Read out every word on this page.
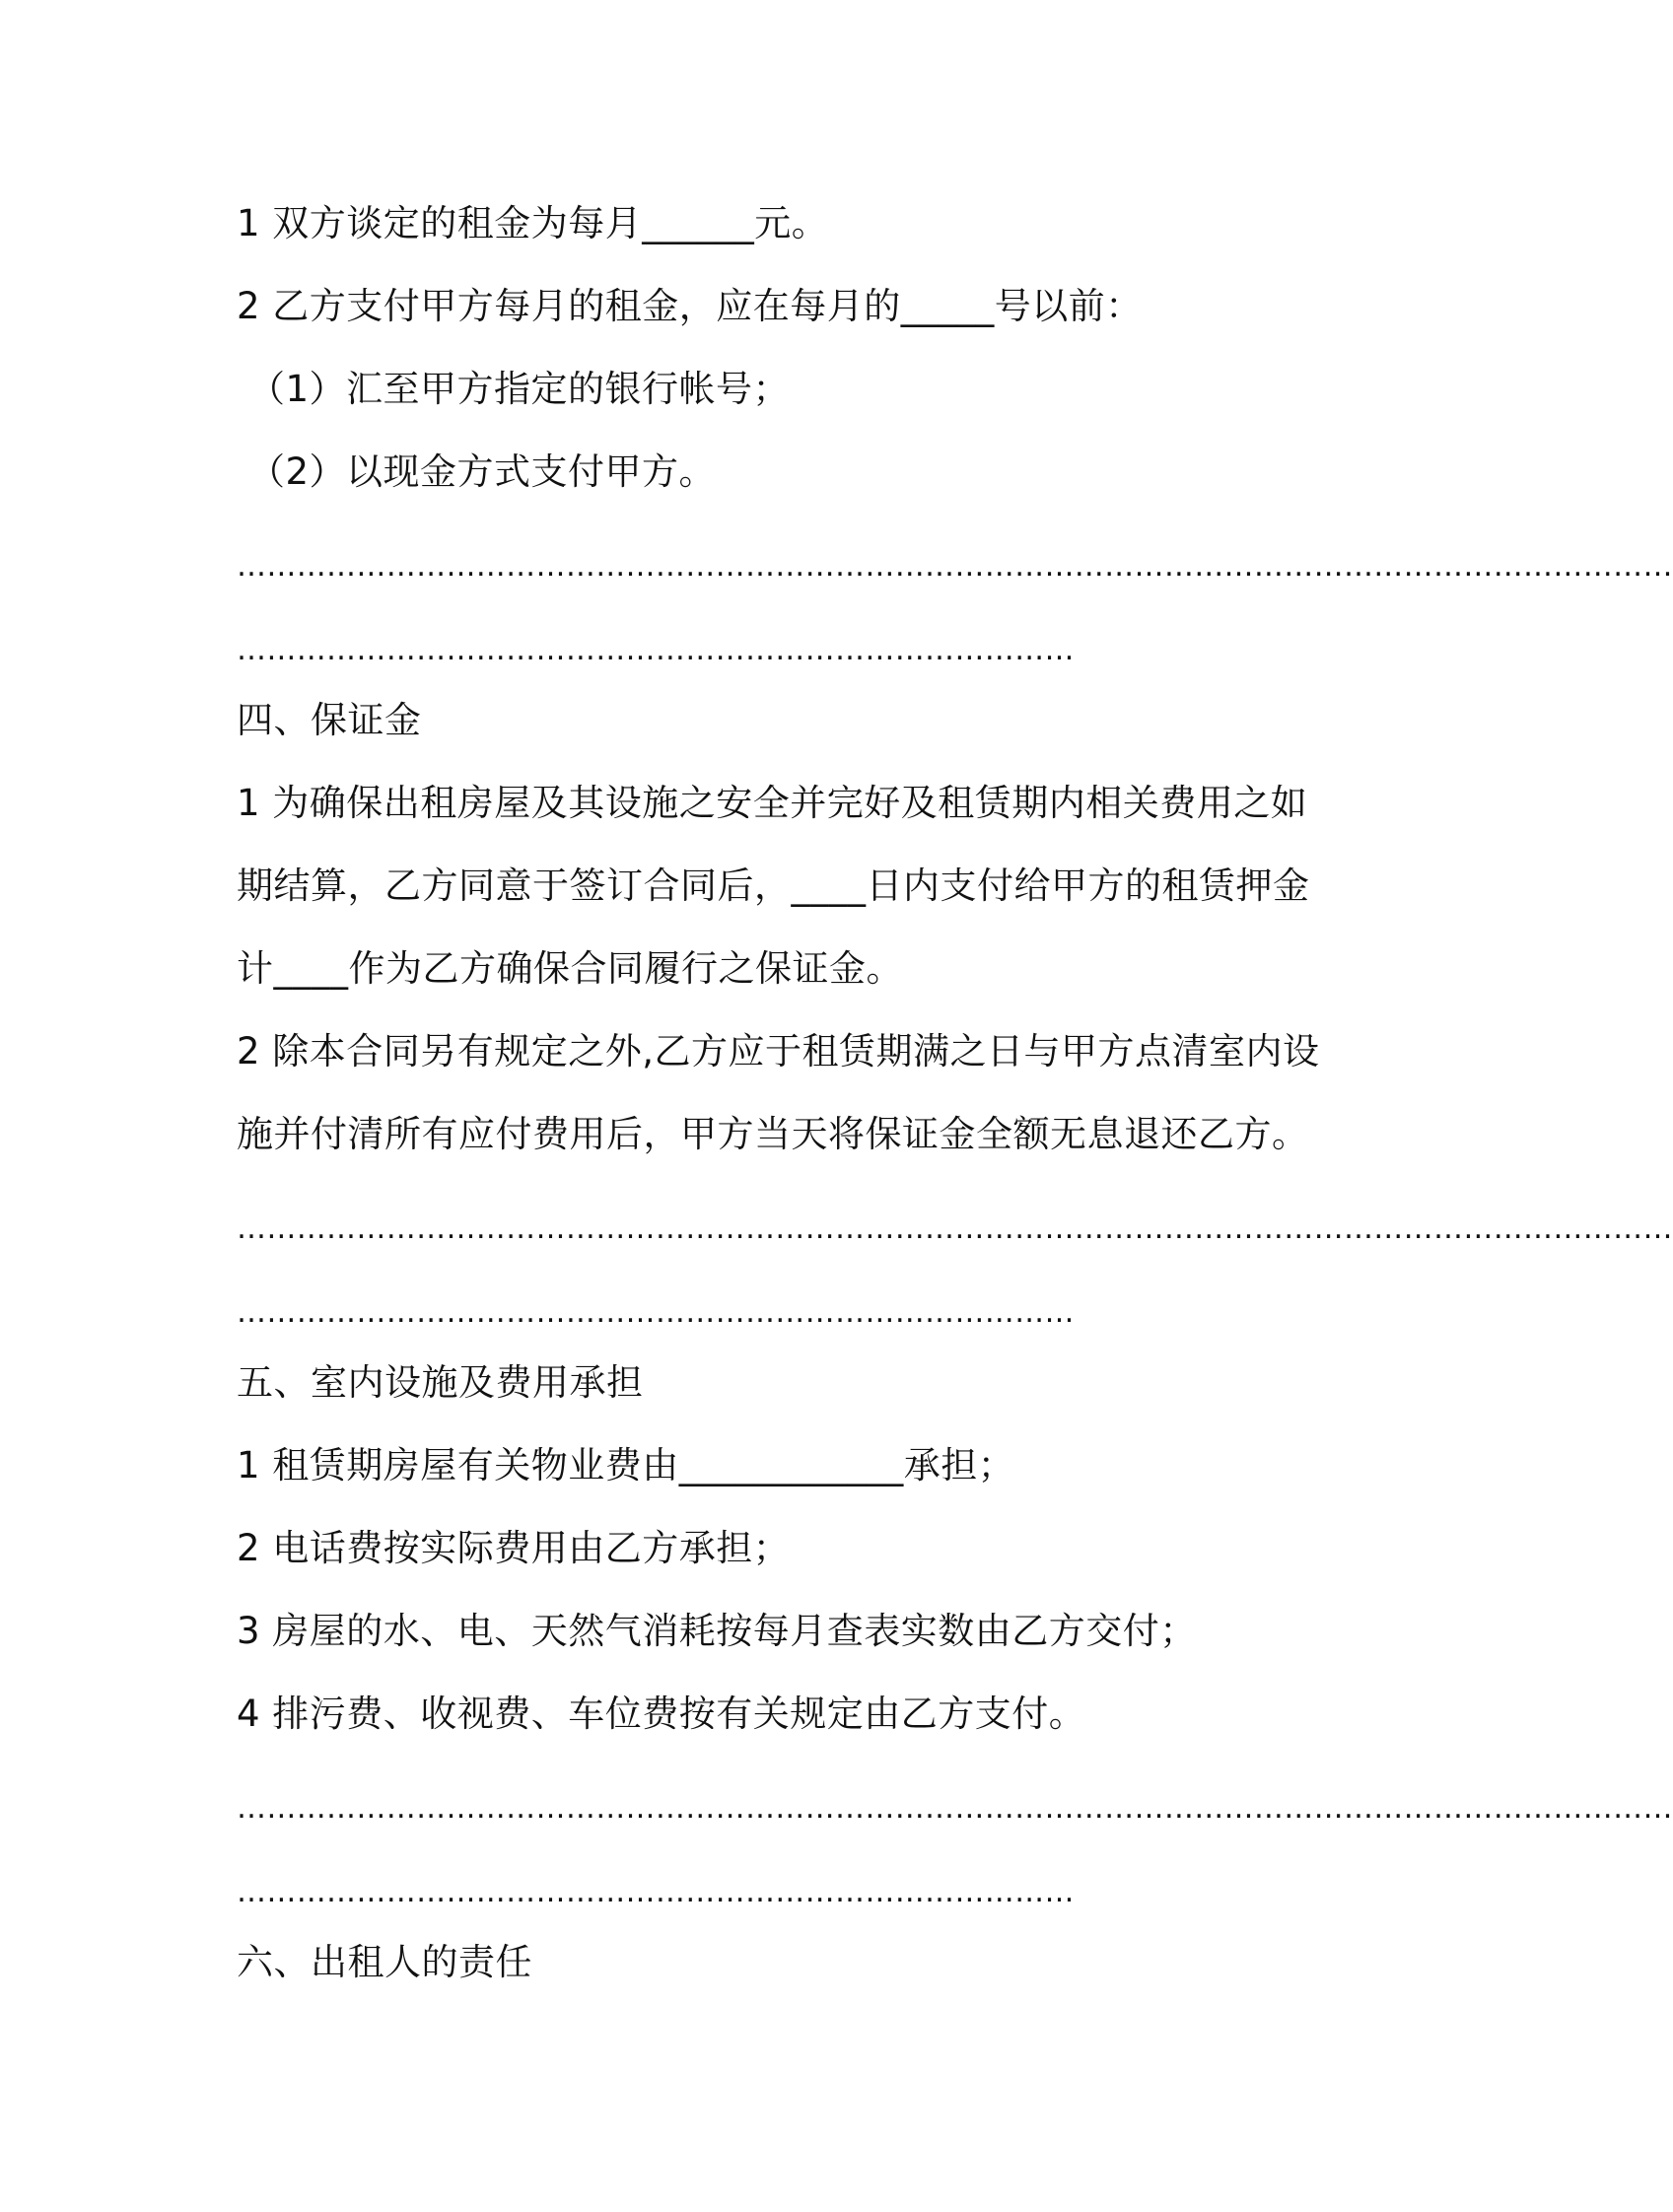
1 双方谈定的租金为每月______元。
2 乙方支付甲方每月的租金，应在每月的_____号以前：
（1）汇至甲方指定的银行帐号；
（2）以现金方式支付甲方。
………………………………………………………………………………………………………………………………
…………………………………………………………………………
四、保证金
1 为确保出租房屋及其设施之安全并完好及租赁期内相关费用之如
期结算，乙方同意于签订合同后，____日内支付给甲方的租赁押金
计____作为乙方确保合同履行之保证金。
2 除本合同另有规定之外,乙方应于租赁期满之日与甲方点清室内设
施并付清所有应付费用后，甲方当天将保证金全额无息退还乙方。
………………………………………………………………………………………………………………………………
…………………………………………………………………………
五、室内设施及费用承担
1 租赁期房屋有关物业费由____________承担；
2 电话费按实际费用由乙方承担；
3 房屋的水、电、天然气消耗按每月查表实数由乙方交付；
4 排污费、收视费、车位费按有关规定由乙方支付。
………………………………………………………………………………………………………………………………
…………………………………………………………………………
六、出租人的责任
